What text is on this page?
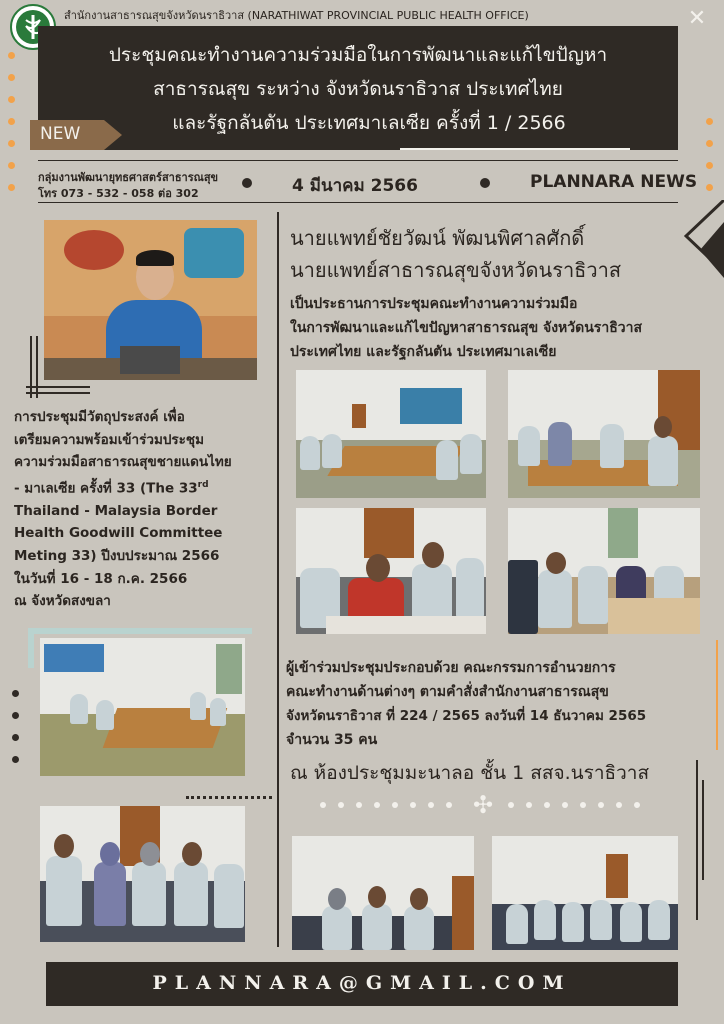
✕
สำนักงานสาธารณสุขจังหวัดนราธิวาส (NARATHIWAT PROVINCIAL PUBLIC HEALTH OFFICE)
ประชุมคณะทำงานความร่วมมือในการพัฒนาและแก้ไขปัญหา
สาธารณสุข ระหว่าง จังหวัดนราธิวาส ประเทศไทย
และรัฐกลันตัน ประเทศมาเลเซีย ครั้งที่ 1 / 2566
NEW
กลุ่มงานพัฒนายุทธศาสตร์สาธารณสุข
โทร 073 - 532 - 058 ต่อ 302	4 มีนาคม 2566	PLANNARA NEWS
การประชุมมีวัตถุประสงค์ เพื่อ
เตรียมความพร้อมเข้าร่วมประชุม
ความร่วมมือสาธารณสุขชายแดนไทย
- มาเลเซีย ครั้งที่ 33 (The 33rd
Thailand - Malaysia Border
Health Goodwill Committee
Meting 33) ปีงบประมาณ 2566
ในวันที่ 16 - 18 ก.ค. 2566
ณ จังหวัดสงขลา
นายแพทย์ชัยวัฒน์ พัฒนพิศาลศักดิ์
นายแพทย์สาธารณสุขจังหวัดนราธิวาส
เป็นประธานการประชุมคณะทำงานความร่วมมือ
ในการพัฒนาและแก้ไขปัญหาสาธารณสุข จังหวัดนราธิวาส
ประเทศไทย และรัฐกลันตัน ประเทศมาเลเซีย
ผู้เข้าร่วมประชุมประกอบด้วย คณะกรรมการอำนวยการ
คณะทำงานด้านต่างๆ ตามคำสั่งสำนักงานสาธารณสุข
จังหวัดนราธิวาส ที่ 224 / 2565 ลงวันที่ 14 ธันวาคม 2565
จำนวน 35 คน
ณ ห้องประชุมมะนาลอ ชั้น 1 สสจ.นราธิวาส
✣
PLANNARA@GMAIL.COM
